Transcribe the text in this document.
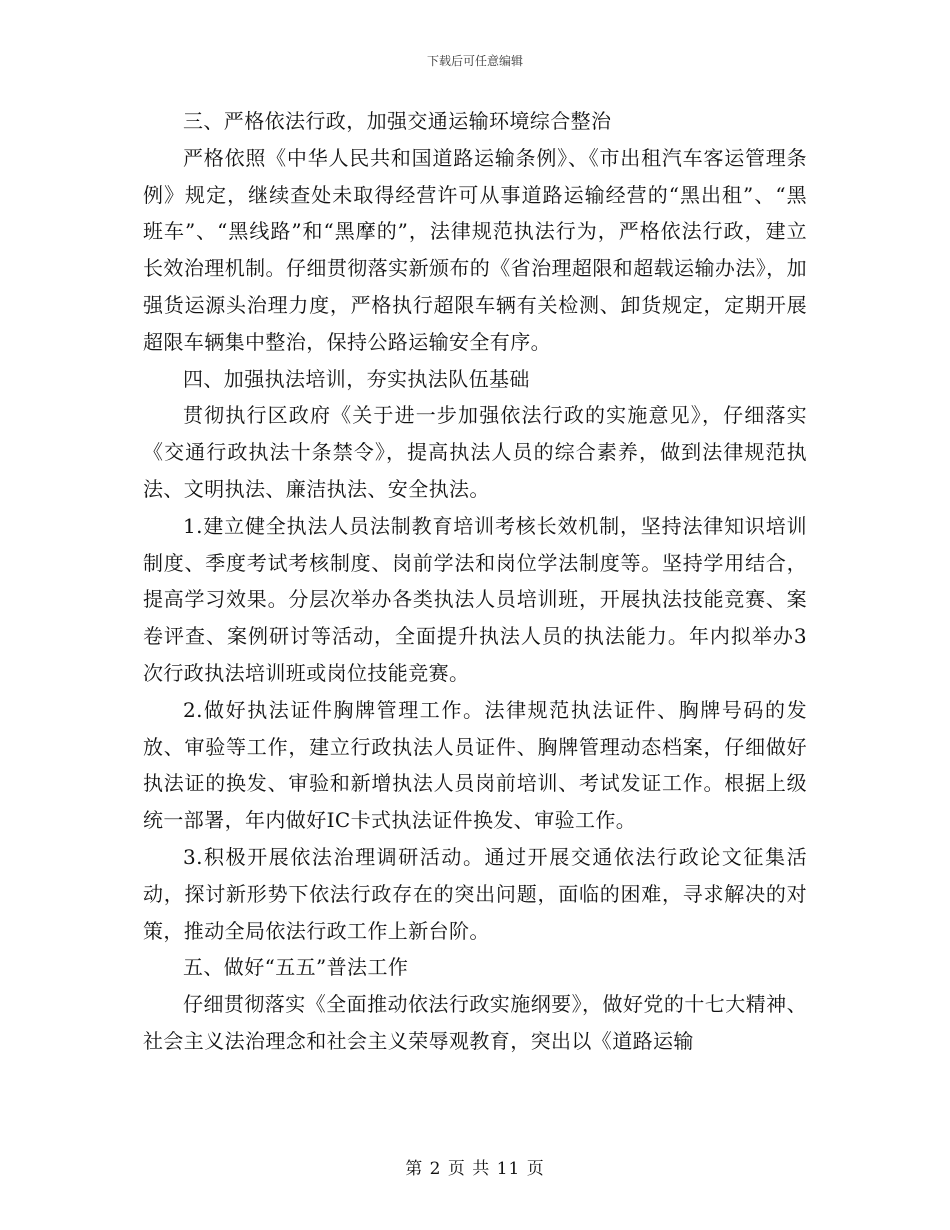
下载后可任意编辑

三、严格依法行政，加强交通运输环境综合整治

严格依照《中华人民共和国道路运输条例》、《市出租汽车客运管理条例》规定，继续查处未取得经营许可从事道路运输经营的“黑出租”、“黑班车”、“黑线路”和“黑摩的”，法律规范执法行为，严格依法行政，建立长效治理机制。仔细贯彻落实新颁布的《省治理超限和超载运输办法》，加强货运源头治理力度，严格执行超限车辆有关检测、卸货规定，定期开展超限车辆集中整治，保持公路运输安全有序。

四、加强执法培训，夯实执法队伍基础

贯彻执行区政府《关于进一步加强依法行政的实施意见》，仔细落实《交通行政执法十条禁令》，提高执法人员的综合素养，做到法律规范执法、文明执法、廉洁执法、安全执法。

1.建立健全执法人员法制教育培训考核长效机制，坚持法律知识培训制度、季度考试考核制度、岗前学法和岗位学法制度等。坚持学用结合，提高学习效果。分层次举办各类执法人员培训班，开展执法技能竞赛、案卷评查、案例研讨等活动，全面提升执法人员的执法能力。年内拟举办3次行政执法培训班或岗位技能竞赛。

2.做好执法证件胸牌管理工作。法律规范执法证件、胸牌号码的发放、审验等工作，建立行政执法人员证件、胸牌管理动态档案，仔细做好执法证的换发、审验和新增执法人员岗前培训、考试发证工作。根据上级统一部署，年内做好IC卡式执法证件换发、审验工作。

3.积极开展依法治理调研活动。通过开展交通依法行政论文征集活动，探讨新形势下依法行政存在的突出问题，面临的困难，寻求解决的对策，推动全局依法行政工作上新台阶。

五、做好“五五”普法工作

仔细贯彻落实《全面推动依法行政实施纲要》，做好党的十七大精神、社会主义法治理念和社会主义荣辱观教育，突出以《道路运输

第 2 页 共 11 页
